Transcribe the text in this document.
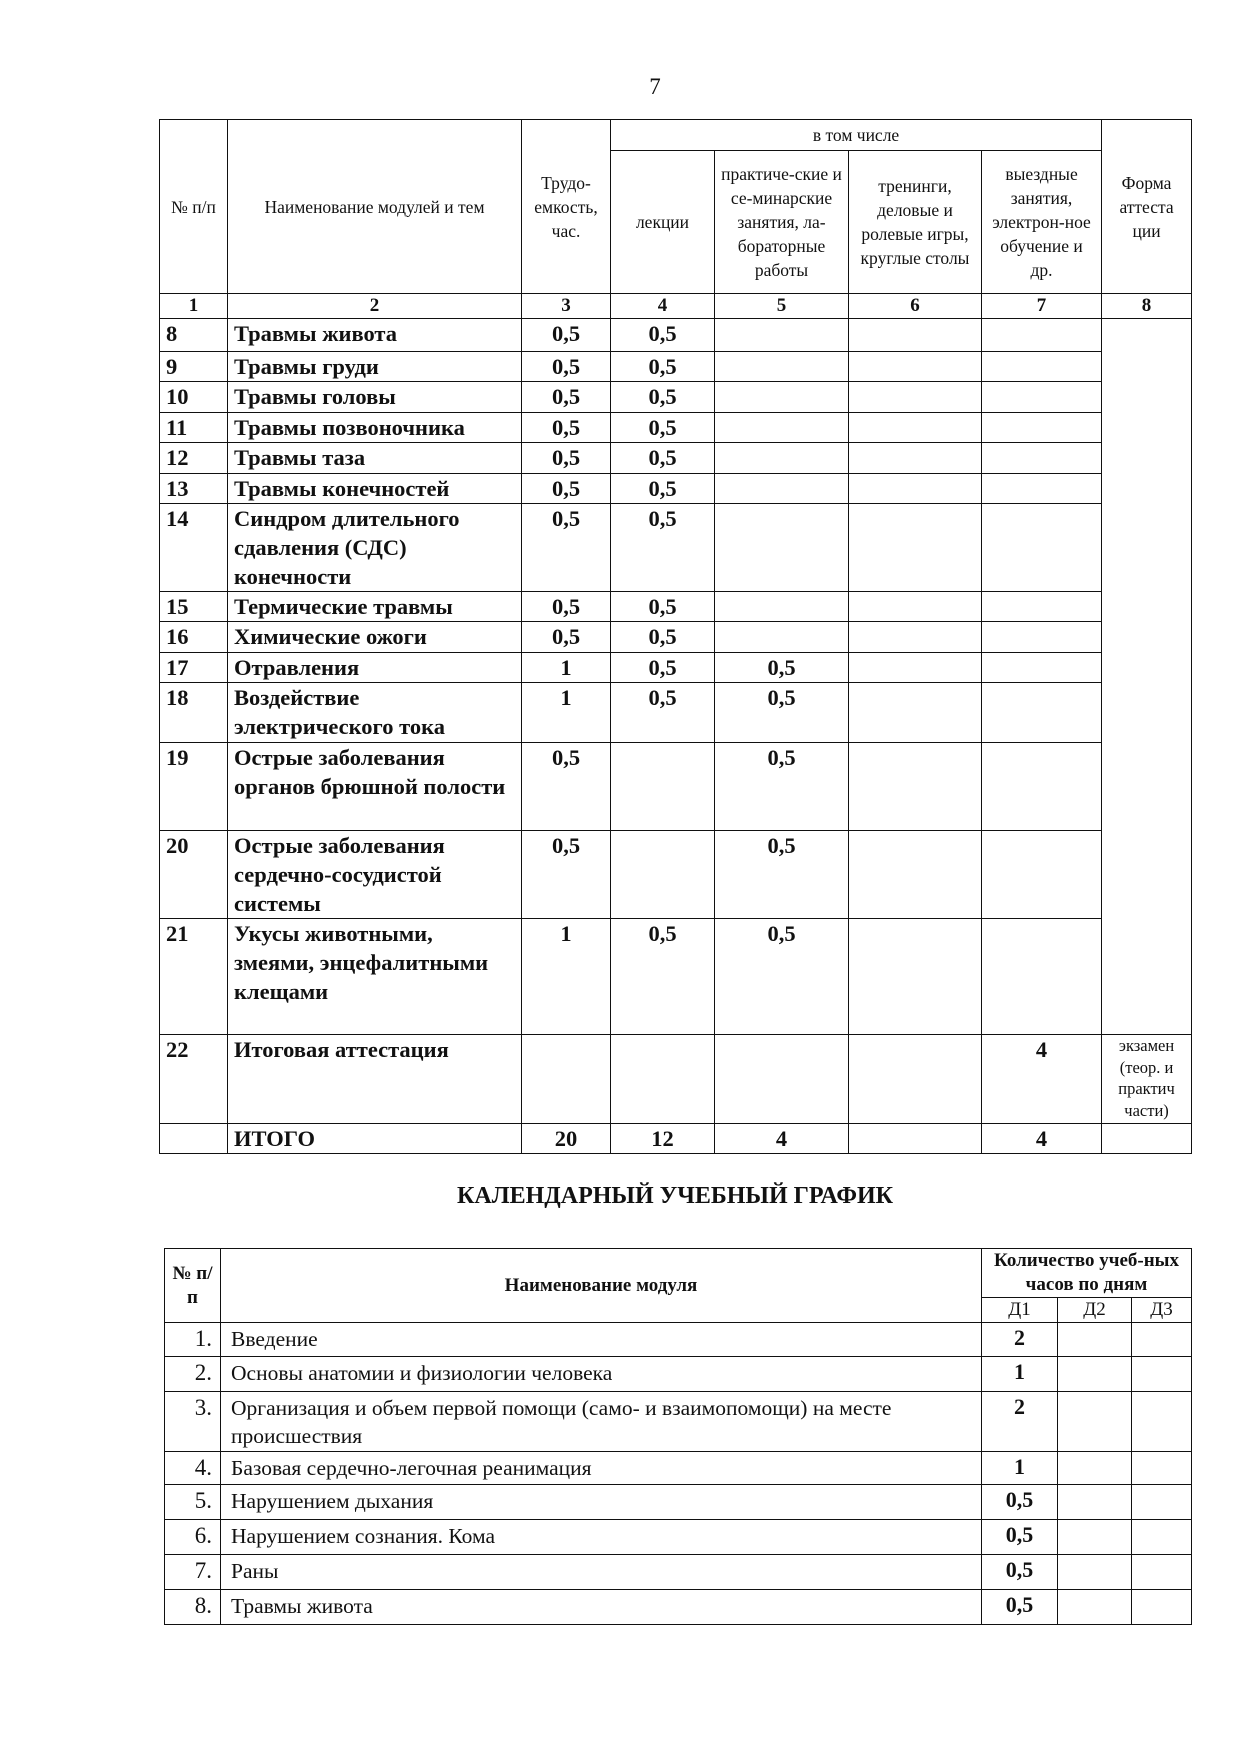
7
№ п/п	Наименование модулей и тем	Трудо-емкость, час.	в том числе				Форма аттеста ции
			лекции	практиче-ские и се-минарские занятия, ла-бораторные работы	тренинги, деловые и ролевые игры, круглые столы	выездные занятия, электрон-ное обучение и др.	
1	2	3	4	5	6	7	8
8	Травмы живота	0,5	0,5				
9	Травмы груди	0,5	0,5				
10	Травмы головы	0,5	0,5				
11	Травмы позвоночника	0,5	0,5				
12	Травмы таза	0,5	0,5				
13	Травмы конечностей	0,5	0,5				
14	Синдром длительного сдавления (СДС) конечности	0,5	0,5				
15	Термические травмы	0,5	0,5				
16	Химические ожоги	0,5	0,5				
17	Отравления	1	0,5	0,5			
18	Воздействие электрического тока	1	0,5	0,5			
19	Острые заболевания органов брюшной полости	0,5		0,5			
20	Острые заболевания сердечно-сосудистой системы	0,5		0,5			
21	Укусы животными, змеями, энцефалитными клещами	1	0,5	0,5			
22	Итоговая аттестация					4	экзамен (теор. и практич части)
	ИТОГО	20	12	4		4	
КАЛЕНДАРНЫЙ УЧЕБНЫЙ ГРАФИК
№ п/п	Наименование модуля	Количество учеб-ных часов по дням		
		Д1	Д2	Д3
1.	Введение	2		
2.	Основы анатомии и физиологии человека	1		
3.	Организация и объем первой помощи (само- и взаимопомощи) на месте происшествия	2		
4.	Базовая сердечно-легочная реанимация	1		
5.	Нарушением дыхания	0,5		
6.	Нарушением сознания. Кома	0,5		
7.	Раны	0,5		
8.	Травмы живота	0,5		
